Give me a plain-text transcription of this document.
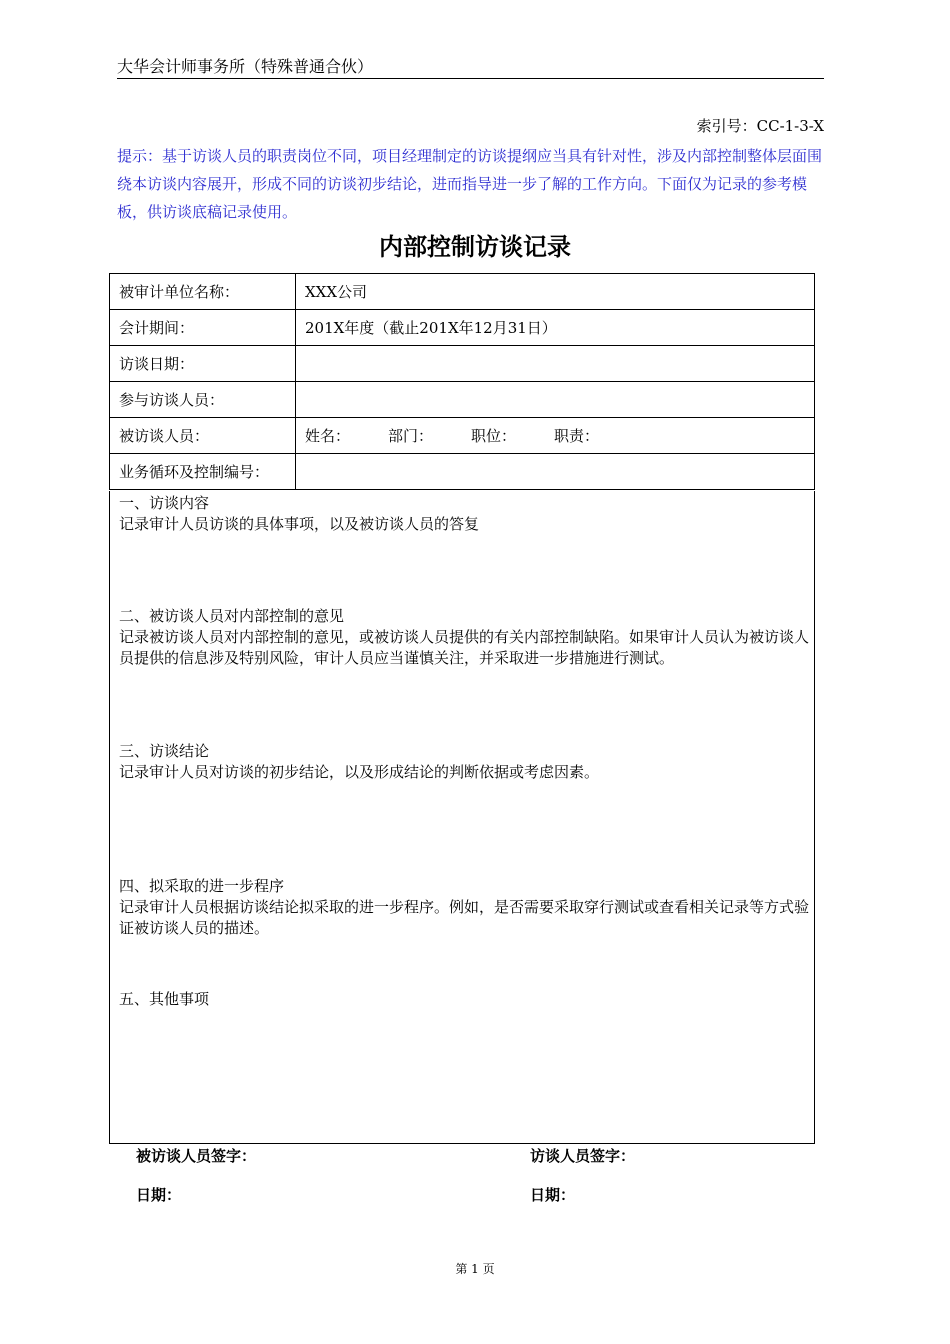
大华会计师事务所（特殊普通合伙）
索引号：CC-1-3-X
提示：基于访谈人员的职责岗位不同，项目经理制定的访谈提纲应当具有针对性，涉及内部控制整体层面围绕本访谈内容展开，形成不同的访谈初步结论，进而指导进一步了解的工作方向。下面仅为记录的参考模板，供访谈底稿记录使用。
内部控制访谈记录
被审计单位名称：	XXX公司
会计期间：	201X年度（截止201X年12月31日）
访谈日期：	
参与访谈人员：	
被访谈人员：	姓名： 部门： 职位： 职责：
业务循环及控制编号：	

一、访谈内容

记录审计人员访谈的具体事项，以及被访谈人员的答复

二、被访谈人员对内部控制的意见

记录被访谈人员对内部控制的意见，或被访谈人员提供的有关内部控制缺陷。如果审计人员认为被访谈人员提供的信息涉及特别风险，审计人员应当谨慎关注，并采取进一步措施进行测试。

三、访谈结论

记录审计人员对访谈的初步结论，以及形成结论的判断依据或考虑因素。

四、拟采取的进一步程序

记录审计人员根据访谈结论拟采取的进一步程序。例如，是否需要采取穿行测试或查看相关记录等方式验证被访谈人员的描述。

五、其他事项

被访谈人员签字：	访谈人员签字：
日期：	日期：
第 1 页
